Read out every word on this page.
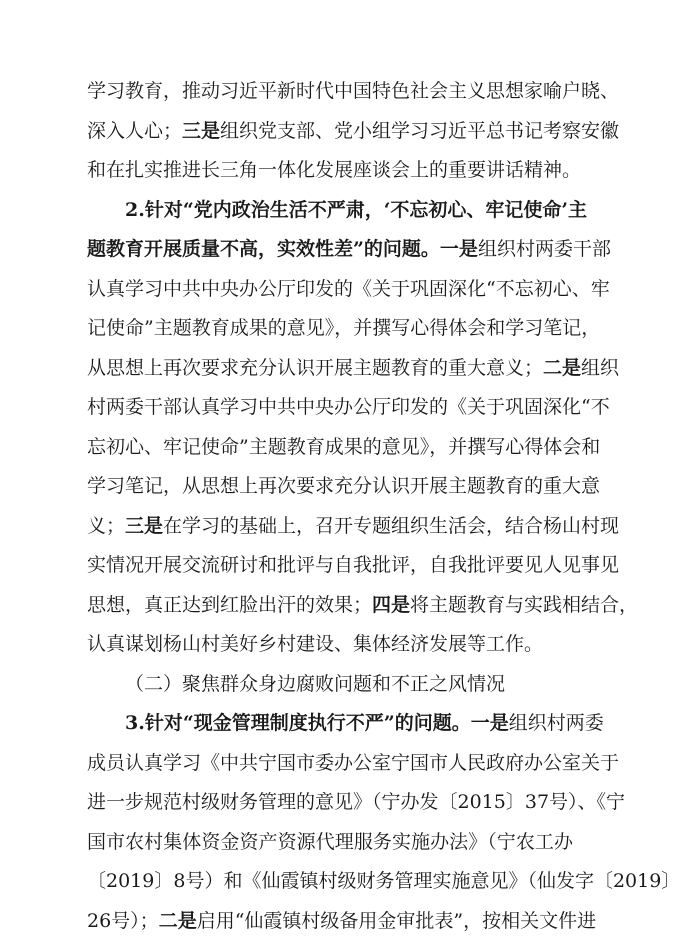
学习教育，推动习近平新时代中国特色社会主义思想家喻户晓、
深入人心；三是组织党支部、党小组学习习近平总书记考察安徽
和在扎实推进长三角一体化发展座谈会上的重要讲话精神。
2.针对“党内政治生活不严肃，‘不忘初心、牢记使命’主
题教育开展质量不高，实效性差”的问题。一是组织村两委干部
认真学习中共中央办公厅印发的《关于巩固深化“不忘初心、牢
记使命”主题教育成果的意见》，并撰写心得体会和学习笔记，
从思想上再次要求充分认识开展主题教育的重大意义；二是组织
村两委干部认真学习中共中央办公厅印发的《关于巩固深化“不
忘初心、牢记使命”主题教育成果的意见》，并撰写心得体会和
学习笔记，从思想上再次要求充分认识开展主题教育的重大意
义；三是在学习的基础上，召开专题组织生活会，结合杨山村现
实情况开展交流研讨和批评与自我批评，自我批评要见人见事见
思想，真正达到红脸出汗的效果；四是将主题教育与实践相结合，
认真谋划杨山村美好乡村建设、集体经济发展等工作。
（二）聚焦群众身边腐败问题和不正之风情况
3.针对“现金管理制度执行不严”的问题。一是组织村两委
成员认真学习《中共宁国市委办公室宁国市人民政府办公室关于
进一步规范村级财务管理的意见》（宁办发〔2015〕37号）、《宁
国市农村集体资金资产资源代理服务实施办法》（宁农工办
〔2019〕8号）和《仙霞镇村级财务管理实施意见》（仙发字〔2019〕
26号）；二是启用“仙霞镇村级备用金审批表”，按相关文件进
